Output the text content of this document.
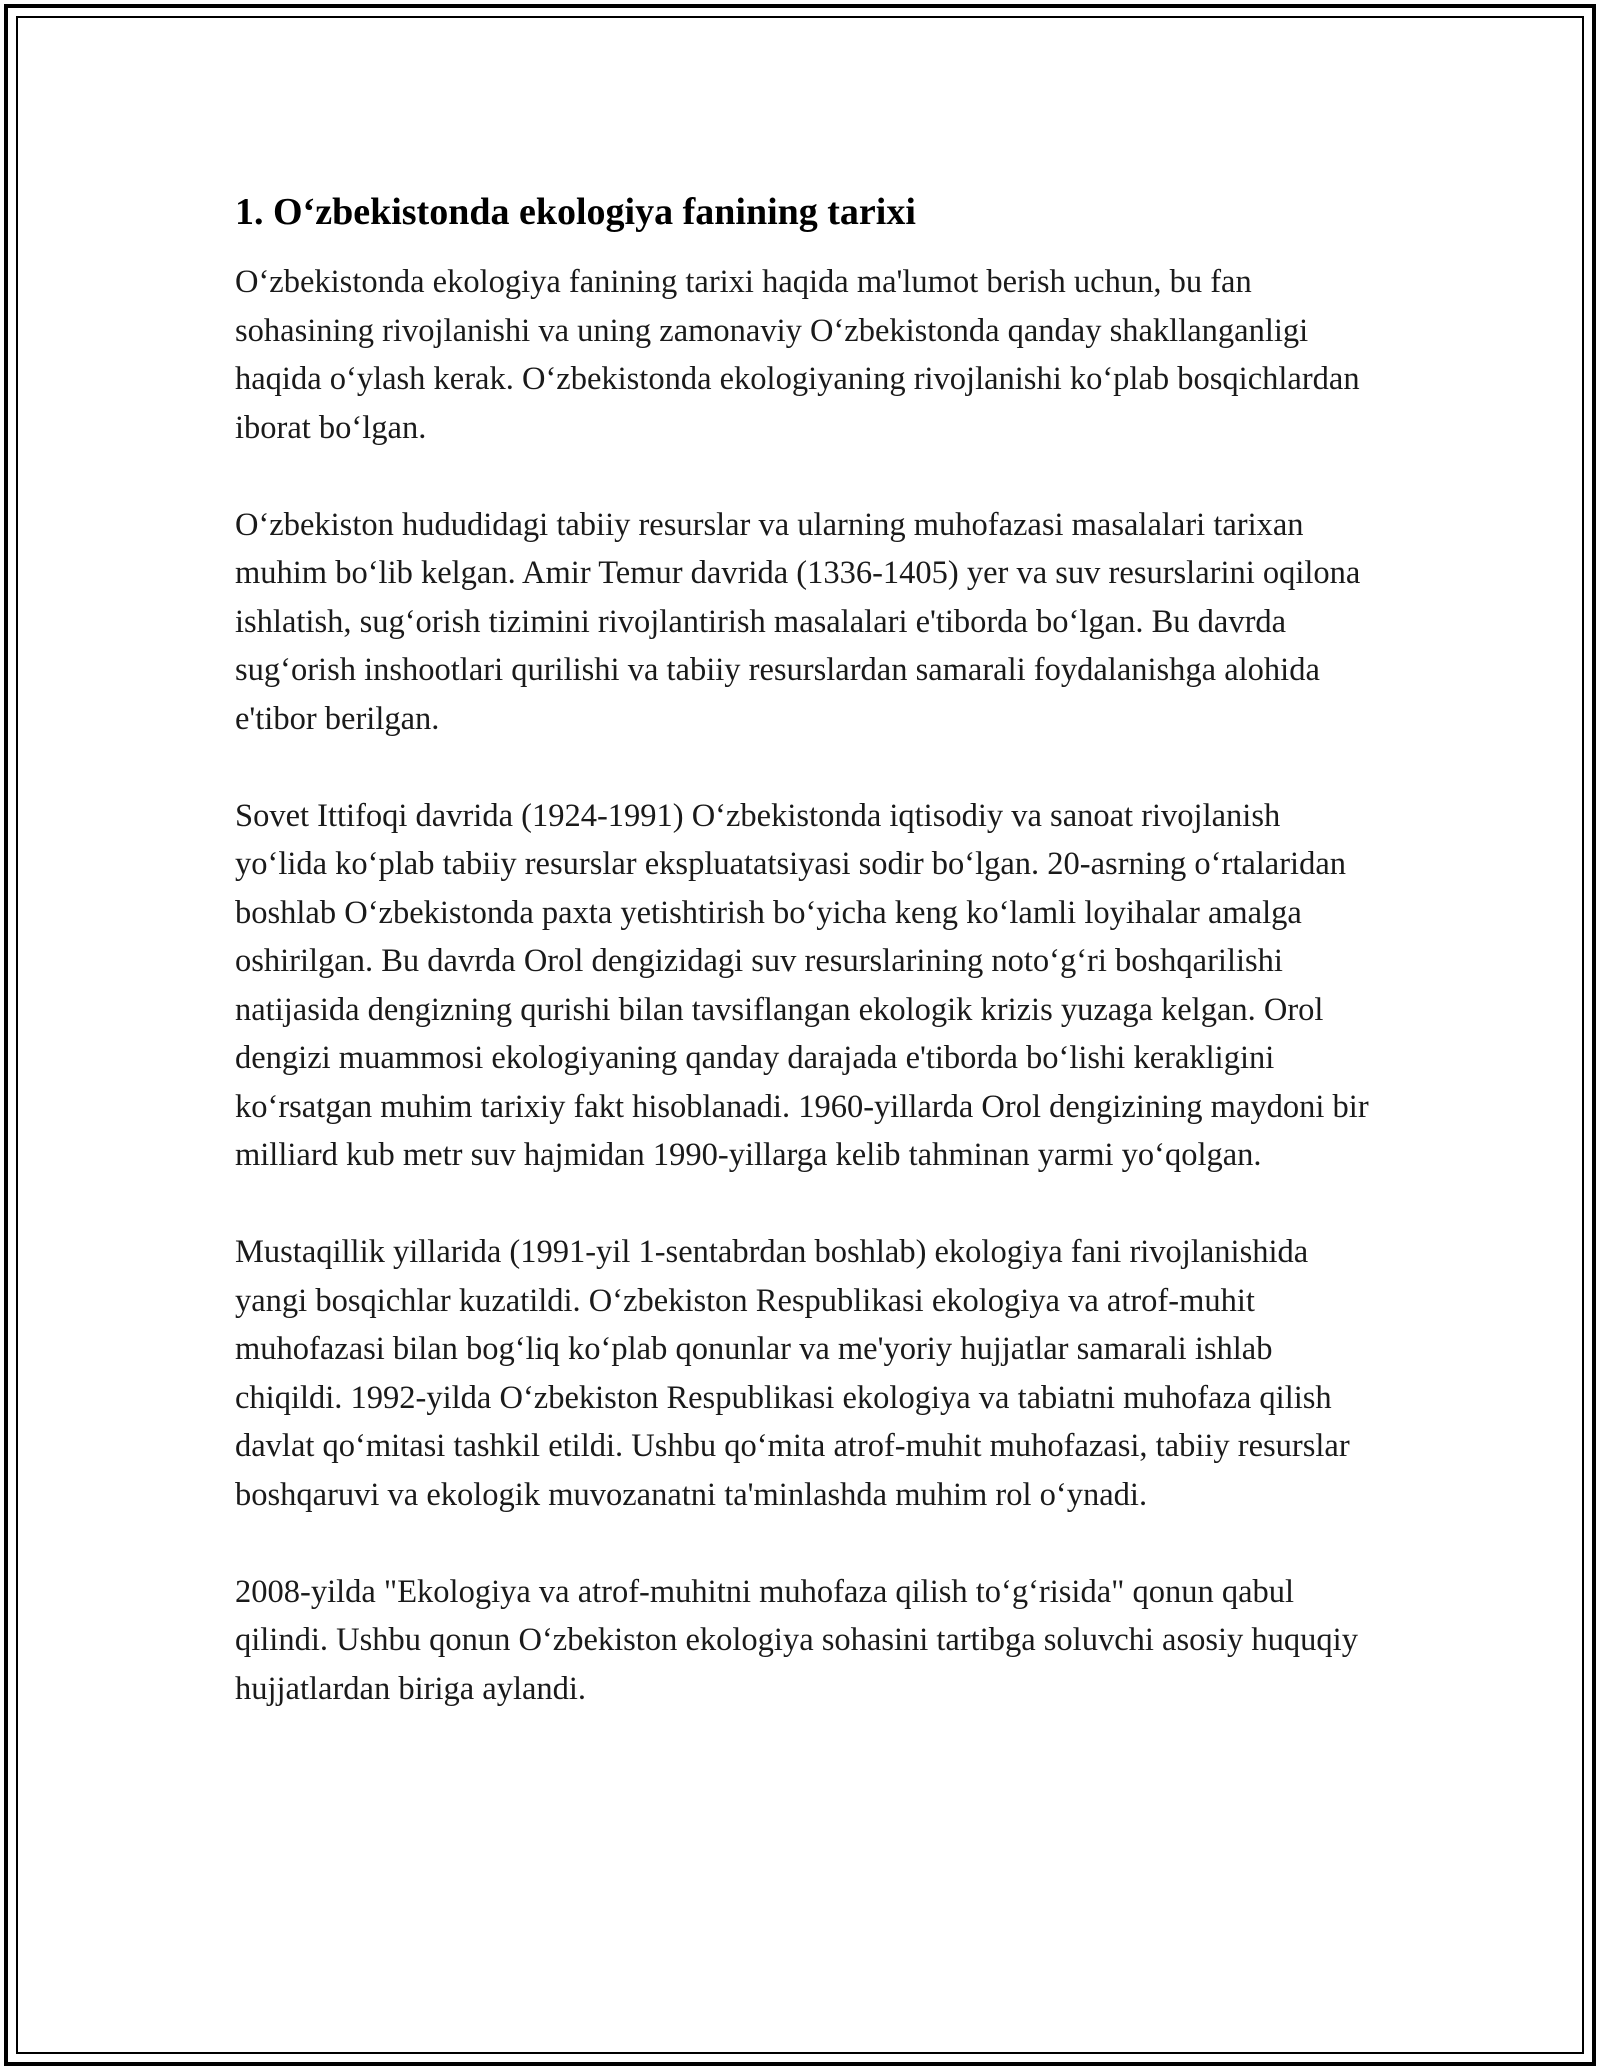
1. O‘zbekistonda ekologiya fanining tarixi

O‘zbekistonda ekologiya fanining tarixi haqida ma'lumot berish uchun, bu fan sohasining rivojlanishi va uning zamonaviy O‘zbekistonda qanday shakllanganligi haqida o‘ylash kerak. O‘zbekistonda ekologiyaning rivojlanishi ko‘plab bosqichlardan iborat bo‘lgan.

O‘zbekiston hududidagi tabiiy resurslar va ularning muhofazasi masalalari tarixan muhim bo‘lib kelgan. Amir Temur davrida (1336-1405) yer va suv resurslarini oqilona ishlatish, sug‘orish tizimini rivojlantirish masalalari e'tiborda bo‘lgan. Bu davrda sug‘orish inshootlari qurilishi va tabiiy resurslardan samarali foydalanishga alohida e'tibor berilgan.

Sovet Ittifoqi davrida (1924-1991) O‘zbekistonda iqtisodiy va sanoat rivojlanish yo‘lida ko‘plab tabiiy resurslar ekspluatatsiyasi sodir bo‘lgan. 20-asrning o‘rtalaridan boshlab O‘zbekistonda paxta yetishtirish bo‘yicha keng ko‘lamli loyihalar amalga oshirilgan. Bu davrda Orol dengizidagi suv resurslarining noto‘g‘ri boshqarilishi natijasida dengizning qurishi bilan tavsiflangan ekologik krizis yuzaga kelgan. Orol dengizi muammosi ekologiyaning qanday darajada e'tiborda bo‘lishi kerakligini ko‘rsatgan muhim tarixiy fakt hisoblanadi. 1960-yillarda Orol dengizining maydoni bir milliard kub metr suv hajmidan 1990-yillarga kelib tahminan yarmi yo‘qolgan.

Mustaqillik yillarida (1991-yil 1-sentabrdan boshlab) ekologiya fani rivojlanishida yangi bosqichlar kuzatildi. O‘zbekiston Respublikasi ekologiya va atrof-muhit muhofazasi bilan bog‘liq ko‘plab qonunlar va me'yoriy hujjatlar samarali ishlab chiqildi. 1992-yilda O‘zbekiston Respublikasi ekologiya va tabiatni muhofaza qilish davlat qo‘mitasi tashkil etildi. Ushbu qo‘mita atrof-muhit muhofazasi, tabiiy resurslar boshqaruvi va ekologik muvozanatni ta'minlashda muhim rol o‘ynadi.

2008-yilda "Ekologiya va atrof-muhitni muhofaza qilish to‘g‘risida" qonun qabul qilindi. Ushbu qonun O‘zbekiston ekologiya sohasini tartibga soluvchi asosiy huquqiy hujjatlardan biriga aylandi.
